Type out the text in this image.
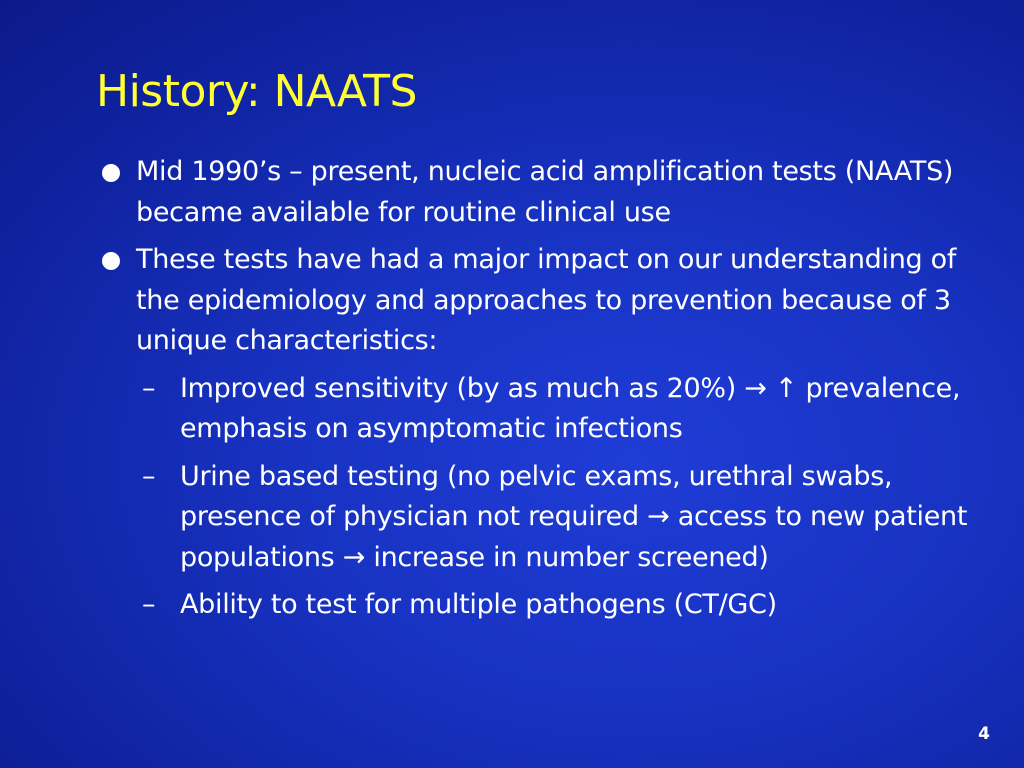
History: NAATS
Mid 1990’s – present, nucleic acid amplification tests (NAATS) became available for routine clinical use
These tests have had a major impact on our understanding of the epidemiology and approaches to prevention because of 3 unique characteristics:
– Improved sensitivity (by as much as 20%) → ↑ prevalence, emphasis on asymptomatic infections
– Urine based testing (no pelvic exams, urethral swabs, presence of physician not required → access to new patient populations → increase in number screened)
– Ability to test for multiple pathogens (CT/GC)
4
